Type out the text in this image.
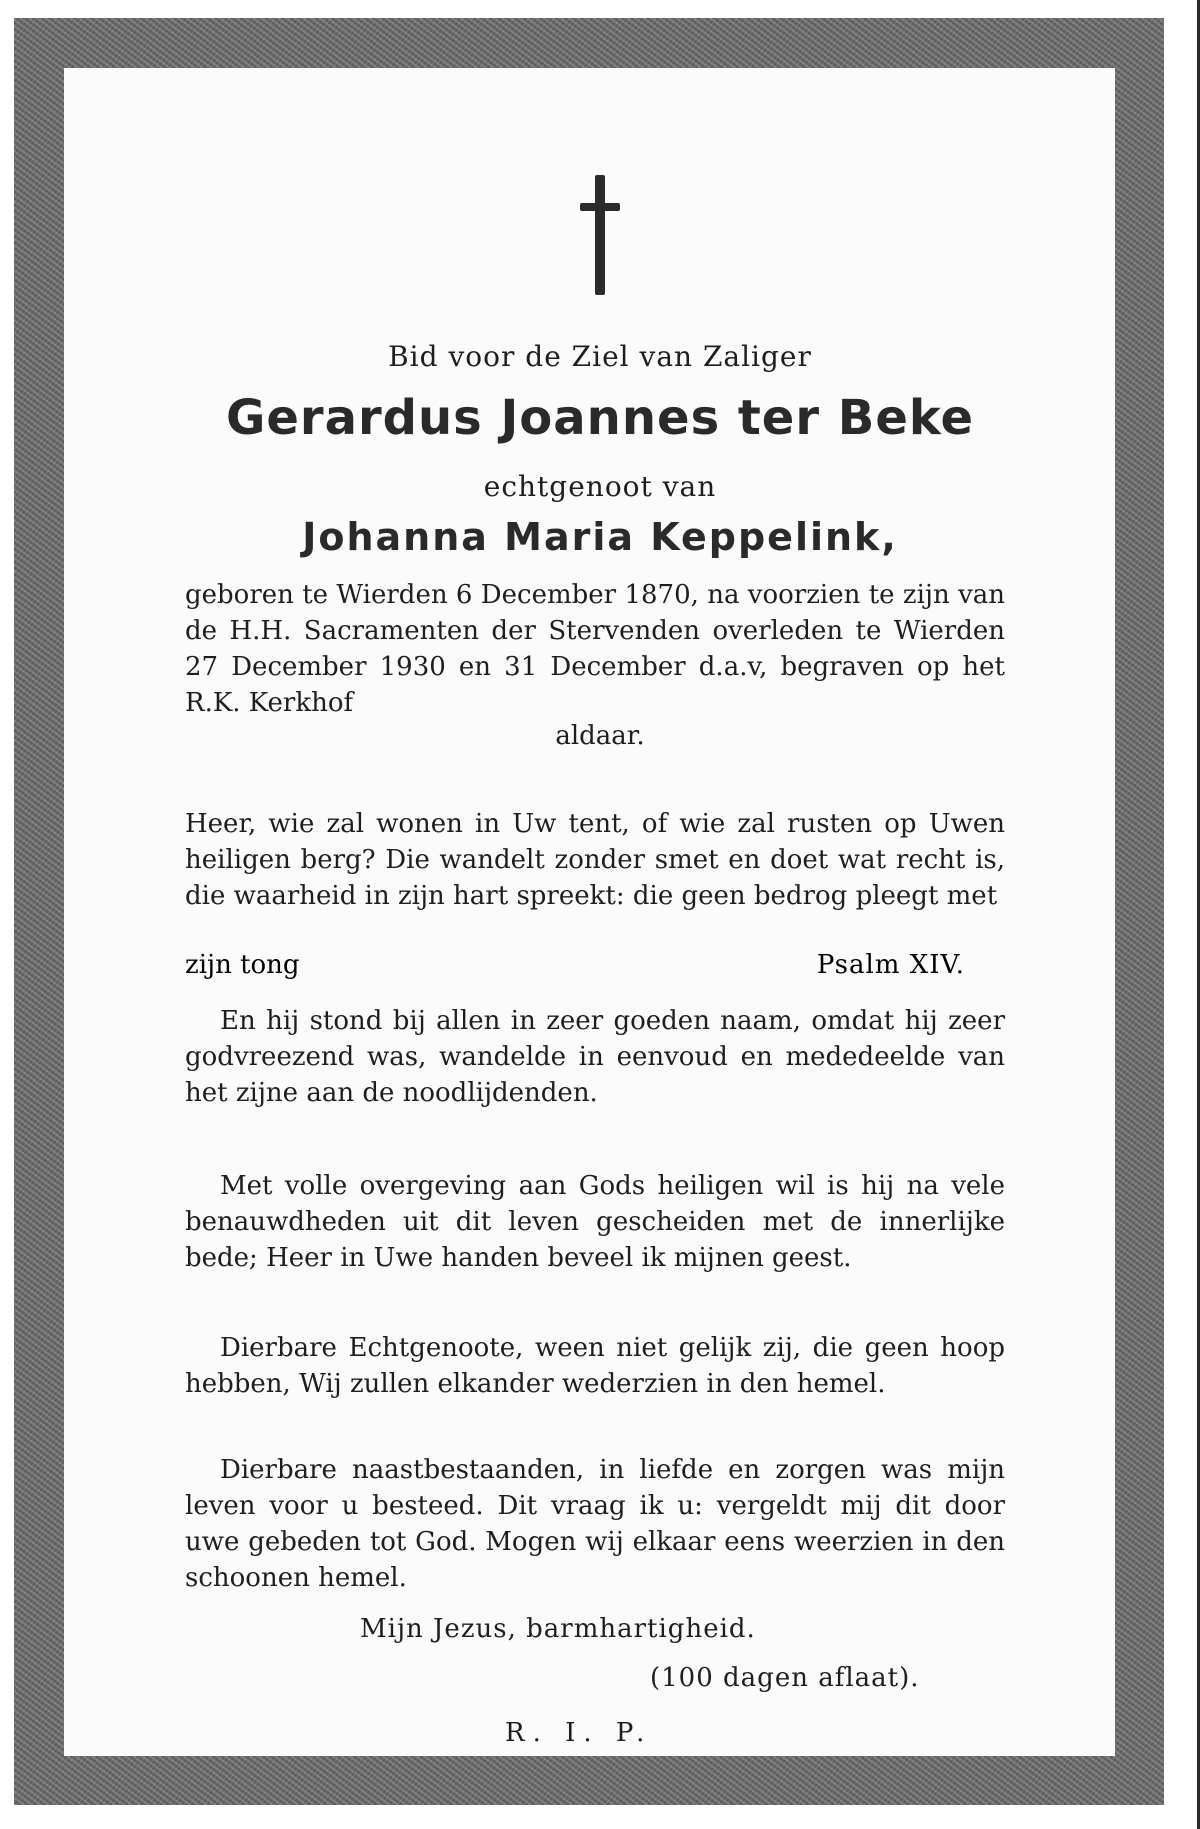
Bid voor de Ziel van Zaliger
Gerardus Joannes ter Beke
echtgenoot van
Johanna Maria Keppelink,

geboren te Wierden 6 December 1870, na voorzien te zijn van de H.H. Sacramenten der Stervenden overleden te Wierden 27 December 1930 en 31 December d.a.v, begraven op het R.K. Kerkhof

aldaar.

Heer, wie zal wonen in Uw tent, of wie zal rusten op Uwen heiligen berg? Die wandelt zonder smet en doet wat recht is, die waarheid in zijn hart spreekt: die geen bedrog pleegt met

zijn tong	Psalm XIV.

En hij stond bij allen in zeer goeden naam, omdat hij zeer godvreezend was, wandelde in eenvoud en mededeelde van het zijne aan de noodlijdenden.

Met volle overgeving aan Gods heiligen wil is hij na vele benauwdheden uit dit leven gescheiden met de innerlijke bede; Heer in Uwe handen beveel ik mijnen geest.

Dierbare Echtgenoote, ween niet gelijk zij, die geen hoop hebben, Wij zullen elkander wederzien in den hemel.

Dierbare naastbestaanden, in liefde en zorgen was mijn leven voor u besteed. Dit vraag ik u: vergeldt mij dit door uwe gebeden tot God. Mogen wij elkaar eens weerzien in den schoonen hemel.

Mijn Jezus, barmhartigheid.
(100 dagen aflaat).
R. I. P.
